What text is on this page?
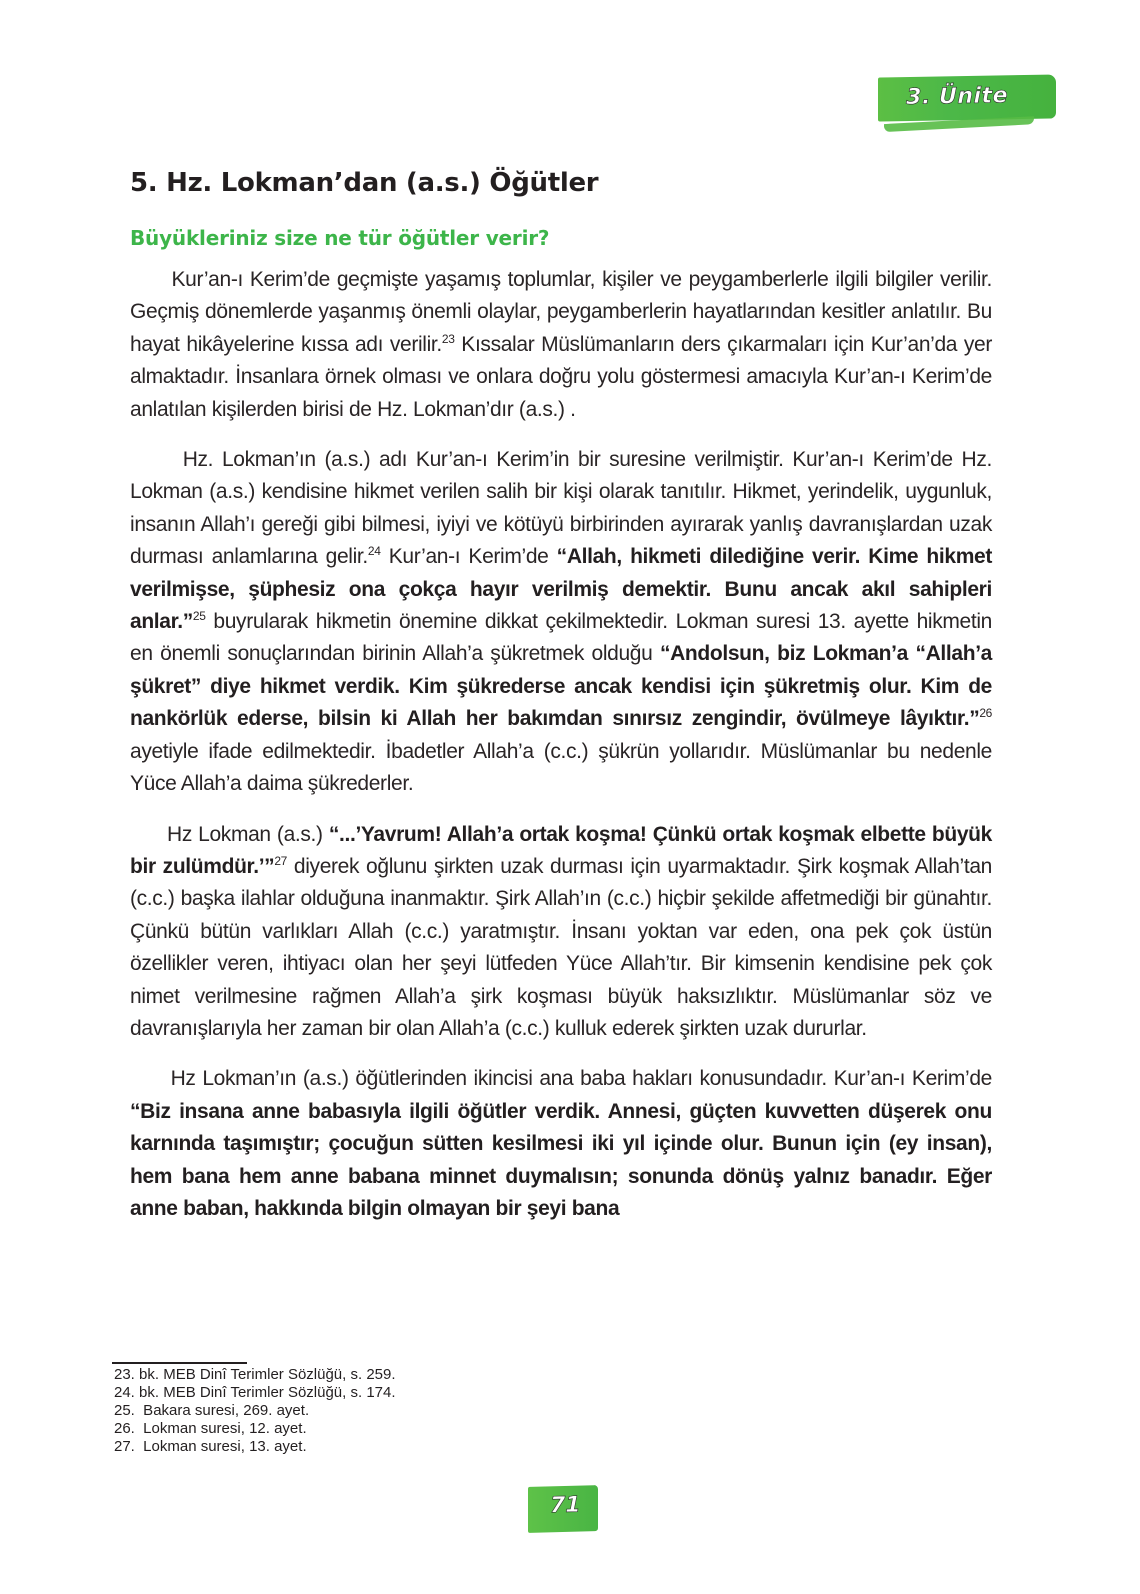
3. Ünite
5. Hz. Lokman’dan (a.s.) Öğütler
Büyükleriniz size ne tür öğütler verir?

Kur’an-ı Kerim’de geçmişte yaşamış toplumlar, kişiler ve peygamberlerle ilgili bilgiler verilir. Geçmiş dönemlerde yaşanmış önemli olaylar, peygamberlerin hayatlarından kesitler anlatılır. Bu hayat hikâyelerine kıssa adı verilir.$^{23}$ Kıssalar Müslümanların ders çıkarmaları için Kur’an’da yer almaktadır. İnsanlara örnek olması ve onlara doğru yolu göstermesi amacıyla Kur’an-ı Kerim’de anlatılan kişilerden birisi de Hz. Lokman’dır (a.s.) .

Hz. Lokman’ın (a.s.) adı Kur’an-ı Kerim’in bir suresine verilmiştir. Kur’an-ı Kerim’de Hz. Lokman (a.s.) kendisine hikmet verilen salih bir kişi olarak tanıtılır. Hikmet, yerindelik, uygunluk, insanın Allah’ı gereği gibi bilmesi, iyiyi ve kötüyü birbirinden ayırarak yanlış davranışlardan uzak durması anlamlarına gelir.$^{24}$ Kur’an-ı Kerim’de “Allah, hikmeti dilediğine verir. Kime hikmet verilmişse, şüphesiz ona çokça hayır verilmiş demektir. Bunu ancak akıl sahipleri anlar.”$^{25}$ buyrularak hikmetin önemine dikkat çekilmektedir. Lokman suresi 13. ayette hikmetin en önemli sonuçlarından birinin Allah’a şükretmek olduğu “Andolsun, biz Lokman’a “Allah’a şükret” diye hikmet verdik. Kim şükrederse ancak kendisi için şükretmiş olur. Kim de nankörlük ederse, bilsin ki Allah her bakımdan sınırsız zengindir, övülmeye lâyıktır.”$^{26}$ ayetiyle ifade edilmektedir. İbadetler Allah’a (c.c.) şükrün yollarıdır. Müslümanlar bu nedenle Yüce Allah’a daima şükrederler.

Hz Lokman (a.s.) “...’Yavrum! Allah’a ortak koşma! Çünkü ortak koşmak elbette büyük bir zulümdür.’”$^{27}$ diyerek oğlunu şirkten uzak durması için uyarmaktadır. Şirk koşmak Allah’tan (c.c.) başka ilahlar olduğuna inanmaktır. Şirk Allah’ın (c.c.) hiçbir şekilde affetmediği bir günahtır. Çünkü bütün varlıkları Allah (c.c.) yaratmıştır. İnsanı yoktan var eden, ona pek çok üstün özellikler veren, ihtiyacı olan her şeyi lütfeden Yüce Allah’tır. Bir kimsenin kendisine pek çok nimet verilmesine rağmen Allah’a şirk koşması büyük haksızlıktır. Müslümanlar söz ve davranışlarıyla her zaman bir olan Allah’a (c.c.) kulluk ederek şirkten uzak dururlar.

Hz Lokman’ın (a.s.) öğütlerinden ikincisi ana baba hakları konusundadır. Kur’an-ı Kerim’de “Biz insana anne babasıyla ilgili öğütler verdik. Annesi, güçten kuvvetten düşerek onu karnında taşımıştır; çocuğun sütten kesilmesi iki yıl içinde olur. Bunun için (ey insan), hem bana hem anne babana minnet duymalısın; sonunda dönüş yalnız banadır. Eğer anne baban, hakkında bilgin olmayan bir şeyi bana

23. bk. MEB Dinî Terimler Sözlüğü, s. 259.
24. bk. MEB Dinî Terimler Sözlüğü, s. 174.
25.  Bakara suresi, 269. ayet.
26.  Lokman suresi, 12. ayet.
27.  Lokman suresi, 13. ayet.
71
